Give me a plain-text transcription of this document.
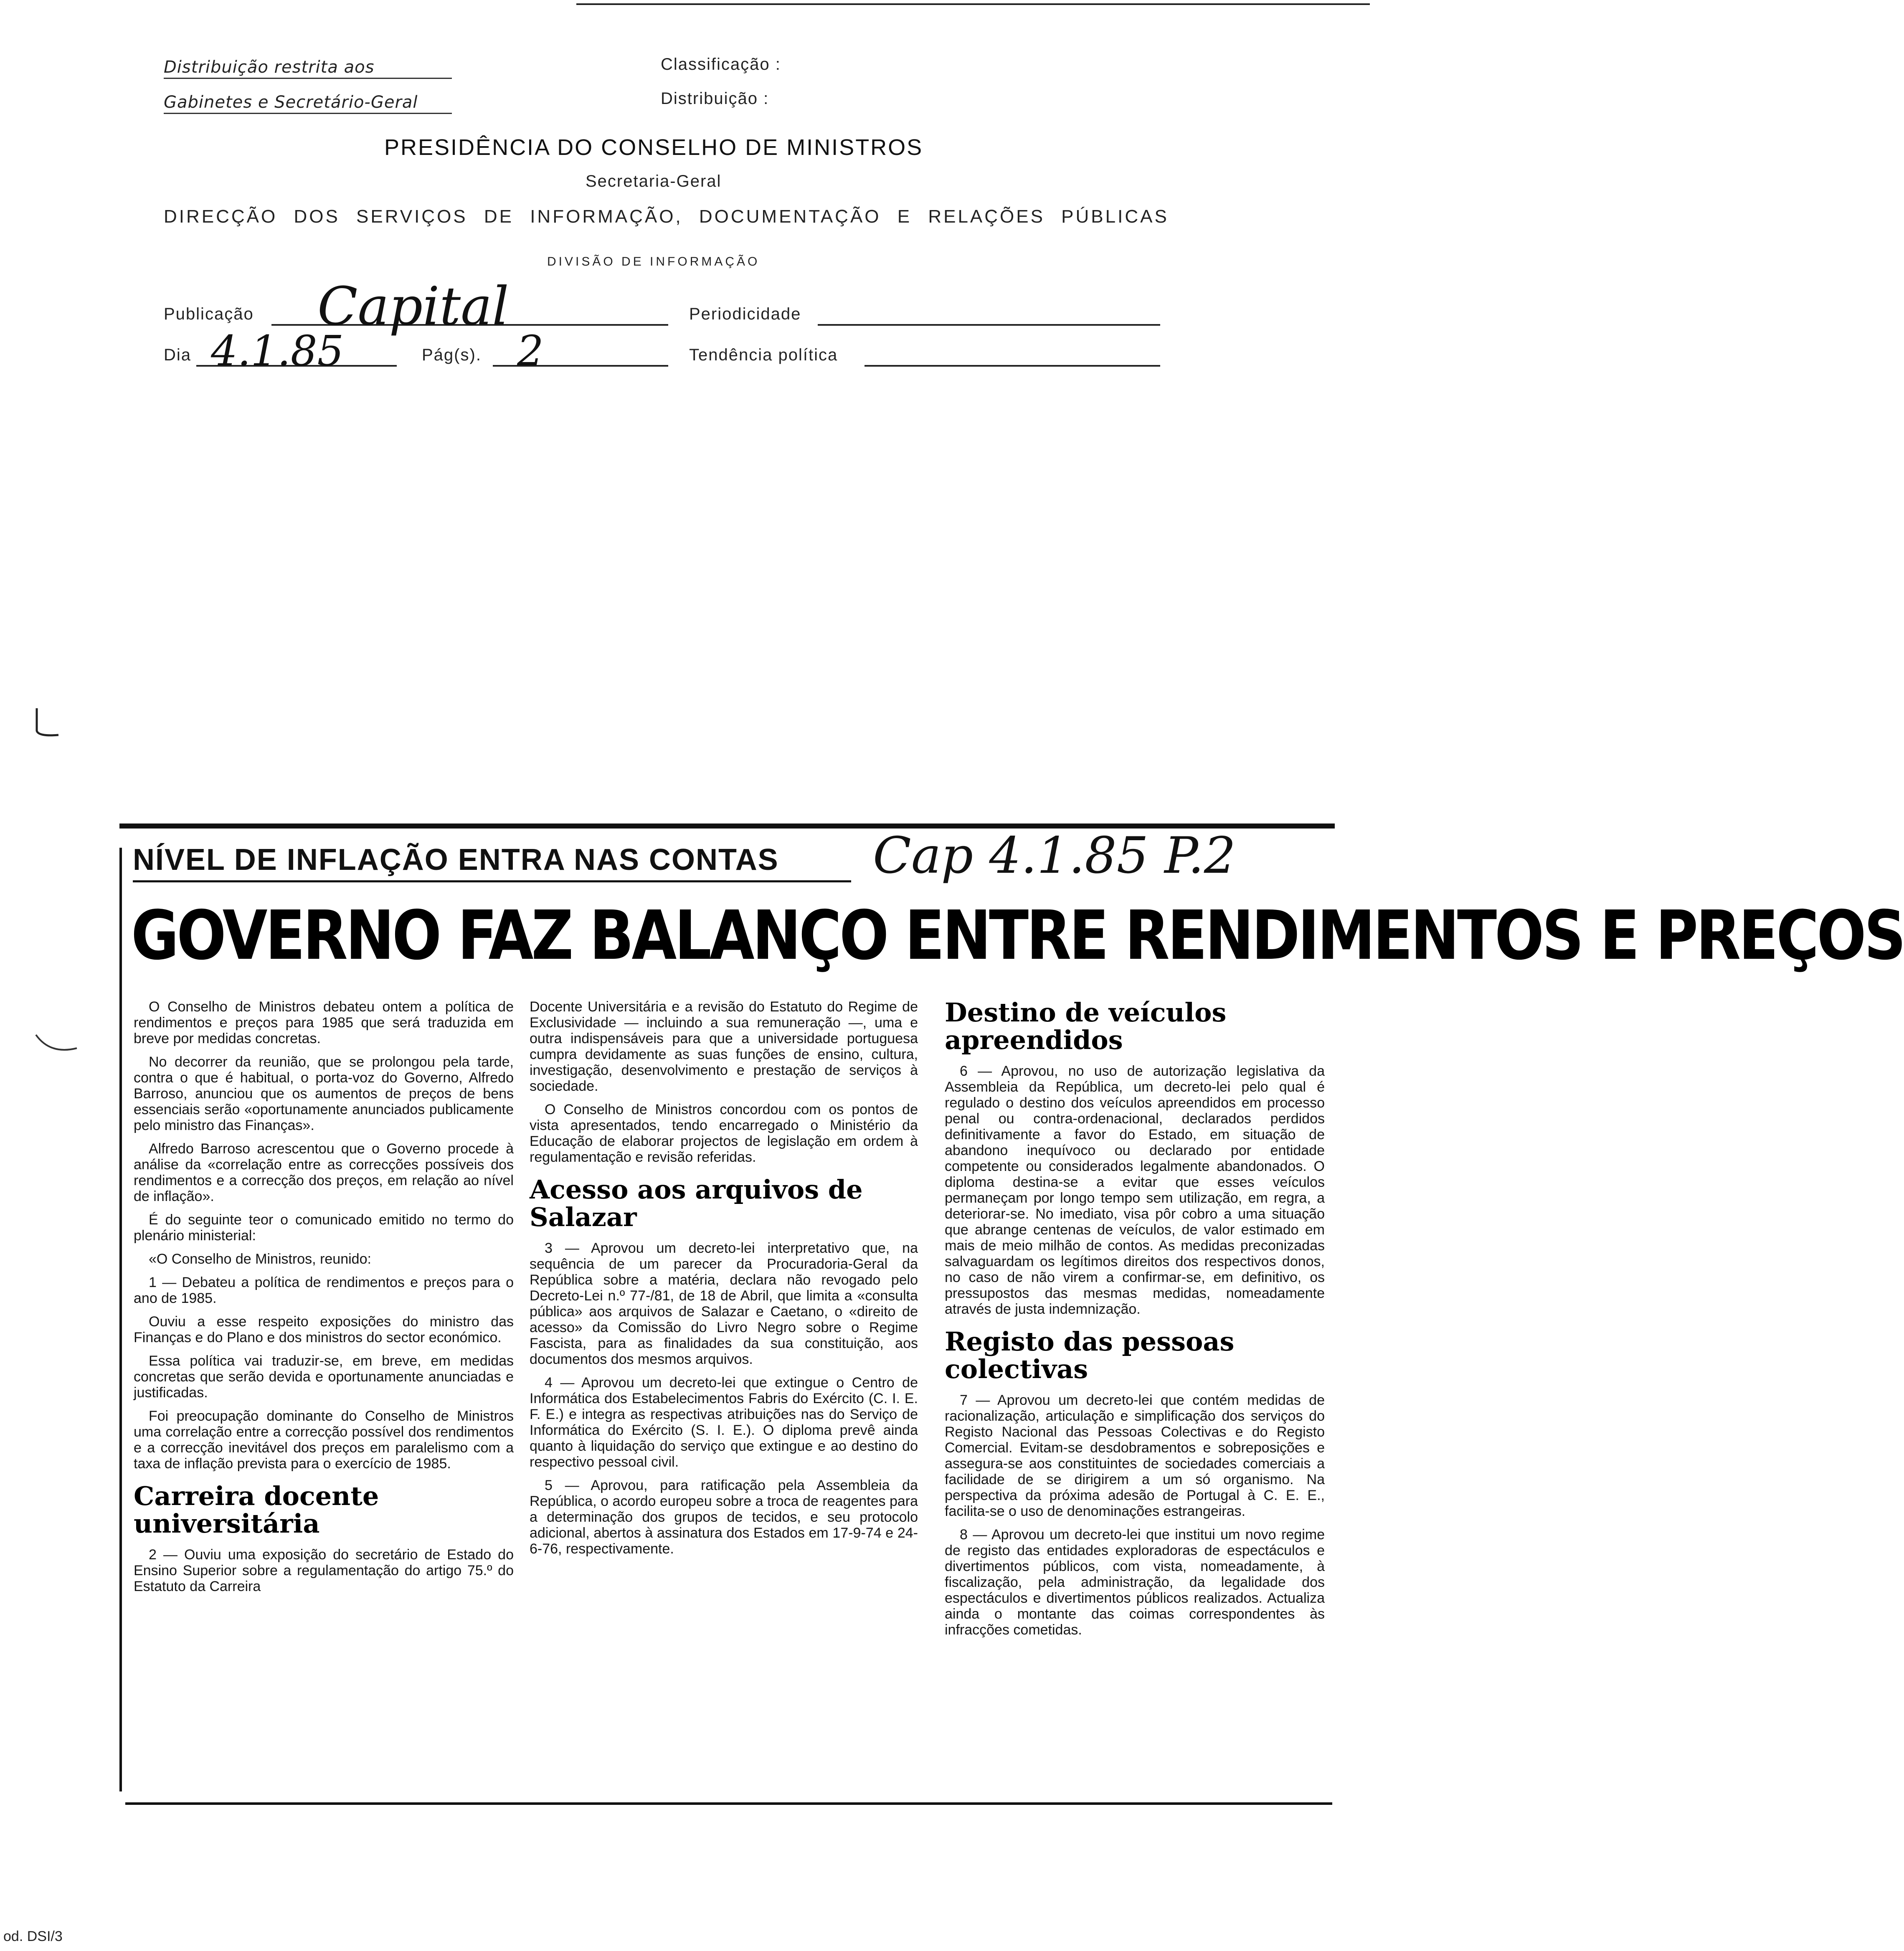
Distribuição restrita aos
Gabinetes e Secretário-Geral
Classificação :
Distribuição :
PRESIDÊNCIA DO CONSELHO DE MINISTROS
Secretaria-Geral
DIRECÇÃO DOS SERVIÇOS DE INFORMAÇÃO, DOCUMENTAÇÃO E RELAÇÕES PÚBLICAS
DIVISÃO DE INFORMAÇÃO
Publicação Capital	Periodicidade
Dia 4.1.85	Pág(s). 2	Tendência política
NÍVEL DE INFLAÇÃO ENTRA NAS CONTAS Cap 4.1.85 P.2
GOVERNO FAZ BALANÇO ENTRE RENDIMENTOS E PREÇOS

O Conselho de Ministros debateu ontem a política de rendimentos e preços para 1985 que será traduzida em breve por medidas concretas.

No decorrer da reunião, que se prolongou pela tarde, contra o que é habitual, o porta-voz do Governo, Alfredo Barroso, anunciou que os aumentos de preços de bens essenciais serão «oportunamente anunciados publicamente pelo ministro das Finanças».

Alfredo Barroso acrescentou que o Governo procede à análise da «correlação entre as correcções possíveis dos rendimentos e a correcção dos preços, em relação ao nível de inflação».

É do seguinte teor o comunicado emitido no termo do plenário ministerial:

«O Conselho de Ministros, reunido:

1 — Debateu a política de rendimentos e preços para o ano de 1985.

Ouviu a esse respeito exposições do ministro das Finanças e do Plano e dos ministros do sector económico.

Essa política vai traduzir-se, em breve, em medidas concretas que serão devida e oportunamente anunciadas e justificadas.

Foi preocupação dominante do Conselho de Ministros uma correlação entre a correcção possível dos rendimentos e a correcção inevitável dos preços em paralelismo com a taxa de inflação prevista para o exercício de 1985.

Carreira docente universitária

2 — Ouviu uma exposição do secretário de Estado do Ensino Superior sobre a regulamentação do artigo 75.º do Estatuto da Carreira

Docente Universitária e a revisão do Estatuto do Regime de Exclusividade — incluindo a sua remuneração —, uma e outra indispensáveis para que a universidade portuguesa cumpra devidamente as suas funções de ensino, cultura, investigação, desenvolvimento e prestação de serviços à sociedade.

O Conselho de Ministros concordou com os pontos de vista apresentados, tendo encarregado o Ministério da Educação de elaborar projectos de legislação em ordem à regulamentação e revisão referidas.

Acesso aos arquivos de Salazar

3 — Aprovou um decreto-lei interpretativo que, na sequência de um parecer da Procuradoria-Geral da República sobre a matéria, declara não revogado pelo Decreto-Lei n.º 77-/81, de 18 de Abril, que limita a «consulta pública» aos arquivos de Salazar e Caetano, o «direito de acesso» da Comissão do Livro Negro sobre o Regime Fascista, para as finalidades da sua constituição, aos documentos dos mesmos arquivos.

4 — Aprovou um decreto-lei que extingue o Centro de Informática dos Estabelecimentos Fabris do Exército (C. I. E. F. E.) e integra as respectivas atribuições nas do Serviço de Informática do Exército (S. I. E.). O diploma prevê ainda quanto à liquidação do serviço que extingue e ao destino do respectivo pessoal civil.

5 — Aprovou, para ratificação pela Assembleia da República, o acordo europeu sobre a troca de reagentes para a determinação dos grupos de tecidos, e seu protocolo adicional, abertos à assinatura dos Estados em 17-9-74 e 24-6-76, respectivamente.

Destino de veículos apreendidos

6 — Aprovou, no uso de autorização legislativa da Assembleia da República, um decreto-lei pelo qual é regulado o destino dos veículos apreendidos em processo penal ou contra-ordenacional, declarados perdidos definitivamente a favor do Estado, em situação de abandono inequívoco ou declarado por entidade competente ou considerados legalmente abandonados. O diploma destina-se a evitar que esses veículos permaneçam por longo tempo sem utilização, em regra, a deteriorar-se. No imediato, visa pôr cobro a uma situação que abrange centenas de veículos, de valor estimado em mais de meio milhão de contos. As medidas preconizadas salvaguardam os legítimos direitos dos respectivos donos, no caso de não virem a confirmar-se, em definitivo, os pressupostos das mesmas medidas, nomeadamente através de justa indemnização.

Registo das pessoas colectivas

7 — Aprovou um decreto-lei que contém medidas de racionalização, articulação e simplificação dos serviços do Registo Nacional das Pessoas Colectivas e do Registo Comercial. Evitam-se desdobramentos e sobreposições e assegura-se aos constituintes de sociedades comerciais a facilidade de se dirigirem a um só organismo. Na perspectiva da próxima adesão de Portugal à C. E. E., facilita-se o uso de denominações estrangeiras.

8 — Aprovou um decreto-lei que institui um novo regime de registo das entidades exploradoras de espectáculos e divertimentos públicos, com vista, nomeadamente, à fiscalização, pela administração, da legalidade dos espectáculos e divertimentos públicos realizados. Actualiza ainda o montante das coimas correspondentes às infracções cometidas.

od. DSI/3
